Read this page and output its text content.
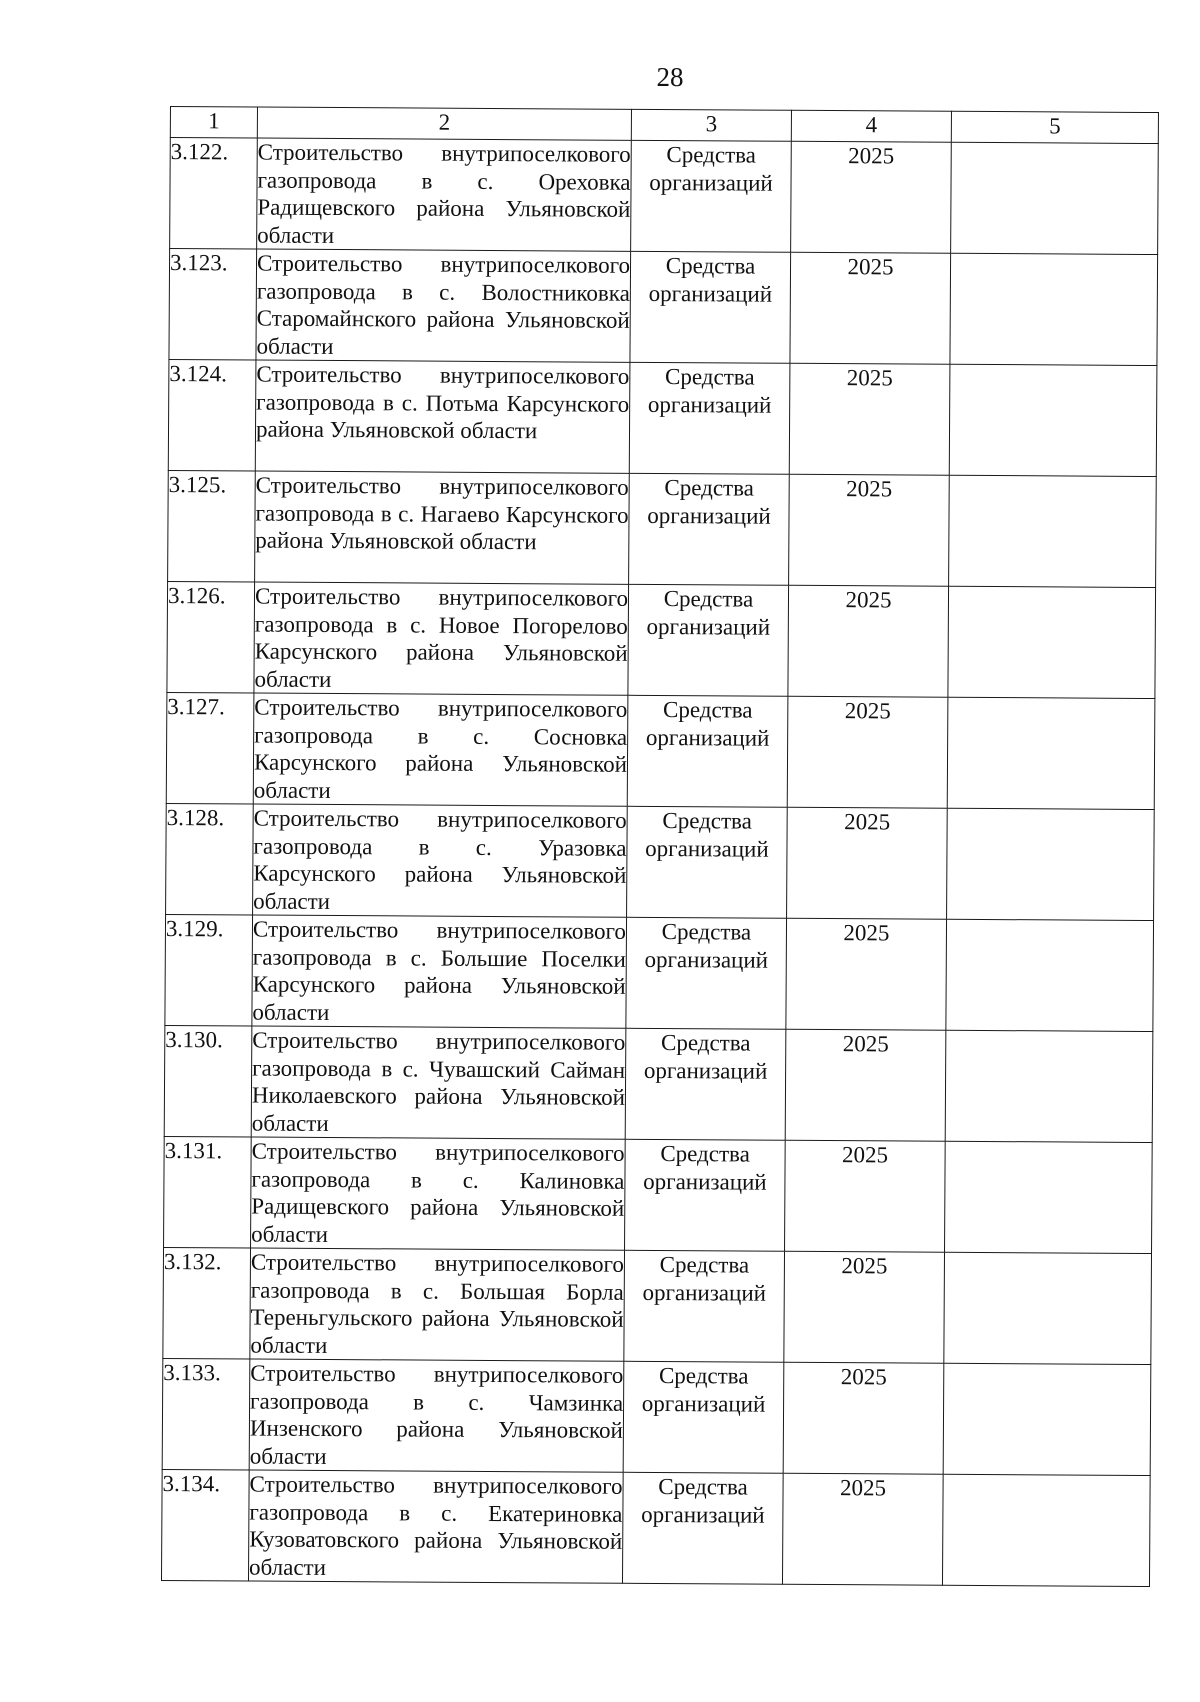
28
1	2	3	4	5
3.122.	Строительство внутрипоселкового газопровода в с. Ореховка Радищевского района Ульяновской области	Средства организаций	2025	
3.123.	Строительство внутрипоселкового газопровода в с. Волостниковка Старомайнского района Ульяновской области	Средства организаций	2025	
3.124.	Строительство внутрипоселкового газопровода в с. Потьма Карсунского района Ульяновской области	Средства организаций	2025	
3.125.	Строительство внутрипоселкового газопровода в с. Нагаево Карсунского района Ульяновской области	Средства организаций	2025	
3.126.	Строительство внутрипоселкового газопровода в с. Новое Погорелово Карсунского района Ульяновской области	Средства организаций	2025	
3.127.	Строительство внутрипоселкового газопровода в с. Сосновка Карсунского района Ульяновской области	Средства организаций	2025	
3.128.	Строительство внутрипоселкового газопровода в с. Уразовка Карсунского района Ульяновской области	Средства организаций	2025	
3.129.	Строительство внутрипоселкового газопровода в с. Большие Поселки Карсунского района Ульяновской области	Средства организаций	2025	
3.130.	Строительство внутрипоселкового газопровода в с. Чувашский Сайман Николаевского района Ульяновской области	Средства организаций	2025	
3.131.	Строительство внутрипоселкового газопровода в с. Калиновка Радищевского района Ульяновской области	Средства организаций	2025	
3.132.	Строительство внутрипоселкового газопровода в с. Большая Борла Тереньгульского района Ульяновской области	Средства организаций	2025	
3.133.	Строительство внутрипоселкового газопровода в с. Чамзинка Инзенского района Ульяновской области	Средства организаций	2025	
3.134.	Строительство внутрипоселкового газопровода в с. Екатериновка Кузоватовского района Ульяновской области	Средства организаций	2025	
